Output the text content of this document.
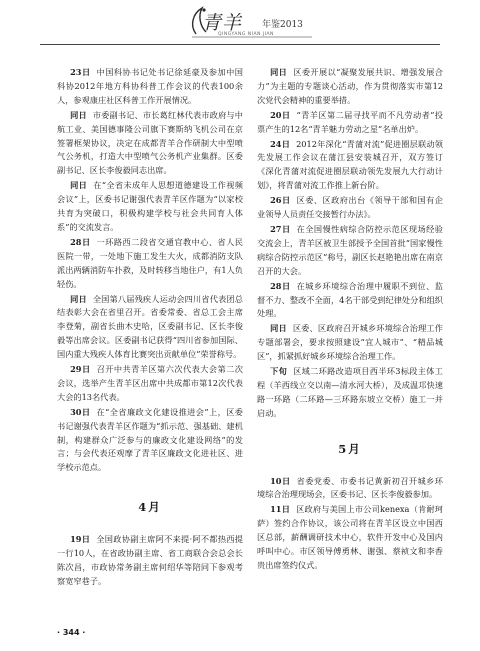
青羊 年鉴2013
QINGYANG NIAN JIAN

23日 中国科协书记处书记徐延豪及参加中国科协2012年地方科协科普工作会议的代表100余人，参观康庄社区科普工作开展情况。

同日 市委副书记、市长葛红林代表市政府与中航工业、美国德事隆公司旗下赛斯纳飞机公司在京签署框架协议，决定在成都青羊合作研制大中型喷气公务机，打造大中型喷气公务机产业集群。区委副书记、区长李俊毅同志出席。

同日 在“全省未成年人思想道德建设工作视频会议”上，区委书记谢强代表青羊区作题为“以家校共育为突破口，积极构建学校与社会共同育人体系”的交流发言。

28日 一环路西二段省交通官教中心、省人民医院一带，一处地下施工发生大火，成都消防支队派出两辆消防车扑救，及时转移当地住户，有1人负轻伤。

同日 全国第八届残疾人运动会四川省代表团总结表彰大会在省里召开。省委常委、省总工会主席李登菊，副省长曲木史哈，区委副书记、区长李俊毅等出席会议。区委副书记获得“四川省参加国际、国内重大残疾人体育比赛突出贡献单位”荣誉称号。

29日 召开中共青羊区第六次代表大会第二次会议，选举产生青羊区出席中共成都市第12次代表大会的13名代表。

30日 在“全省廉政文化建设推进会”上，区委书记谢强代表青羊区作题为“抓示范、强基础、建机制，构建群众广泛参与的廉政文化建设网络”的发言；与会代表还观摩了青羊区廉政文化进社区、进学校示范点。

4月

19日 全国政协副主席阿不来提·阿不都热西提一行10人，在省政协副主席、省工商联合会总会长陈次昌，市政协常务副主席何绍华等陪同下参观考察宽窄巷子。

同日 区委开展以“凝聚发展共识、增强发展合力”为主题的专题谈心活动，作为贯彻落实市第12次党代会精神的重要举措。

20日 “青羊区第二届寻找平而不凡劳动者”投票产生的12名“青羊魅力劳动之星”名单出炉。

24日 2012年深化“青蒲对流”促进圈层联动领先发展工作会议在蒲江县安装城召开，双方签订《深化青蒲对流促进圈层联动领先发展九大行动计划》，将青蒲对流工作推上新台阶。

26日 区委、区政府出台《领导干部和国有企业领导人员责任交接暂行办法》。

27日 在全国慢性病综合防控示范区现场经验交流会上，青羊区被卫生部授予全国首批“国家慢性病综合防控示范区”称号，副区长赵艳艳出席在南京召开的大会。

28日 在城乡环境综合治理中履职不到位、监督不力、整改不全面，4名干部受到纪律处分和组织处理。

同日 区委、区政府召开城乡环境综合治理工作专题部署会，要求按照建设“宜人城市”、“精品城区”，抓紧抓好城乡环境综合治理工作。

下旬 区域二环路改造项目西半环3标段主体工程（羊西线立交以南—清水河大桥），及成温邛快速路一环路（二环路—三环路东坡立交桥）施工一并启动。

5月

10日 省委党委、市委书记黄新初召开城乡环境综合治理现场会，区委书记、区长李俊毅参加。

11日 区政府与美国上市公司kenexa（肯耐珂萨）签约合作协议，该公司将在青羊区设立中国西区总部，薪酬调研技术中心，软件开发中心及国内呼叫中心。市区领导傅勇林、谢强、蔡祯文和李香贵出席签约仪式。

· 344 ·
